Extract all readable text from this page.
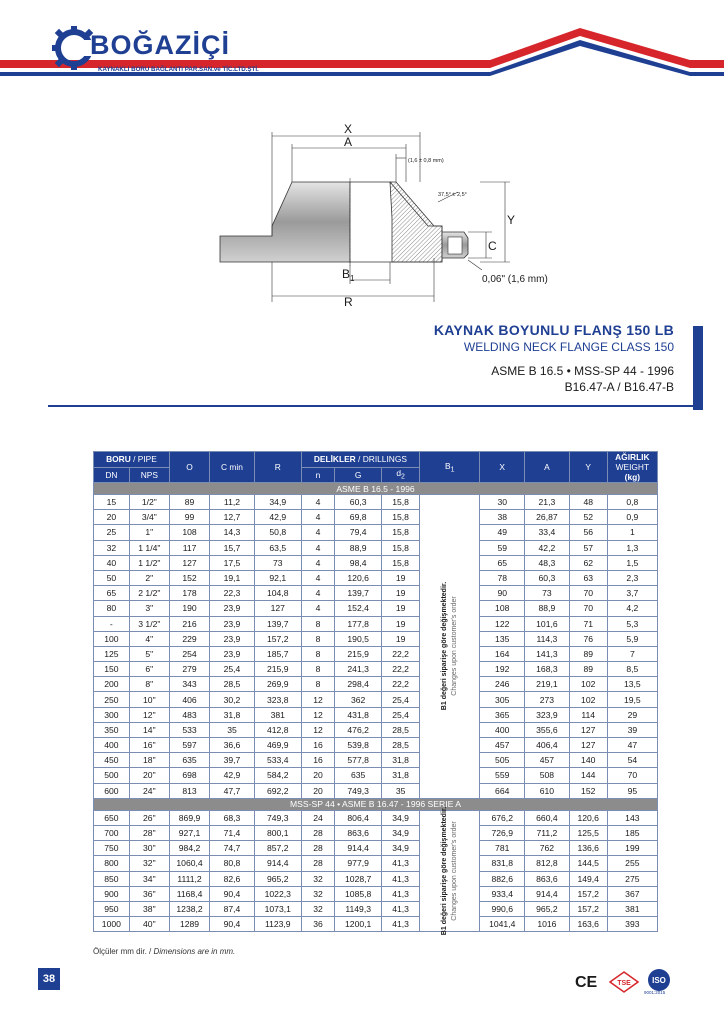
BOĞAZİÇİ
KAYNAKLI BORU BAĞLANTI PAR.SAN.ve TİC.LTD.ŞTİ.
X
A
(1,6 ± 0,8 mm)
37,5° ± 2,5°
Y
C
$B_1$
R
0,06" (1,6 mm)
KAYNAK BOYUNLU FLANŞ 150 LB
WELDING NECK FLANGE CLASS 150
ASME B 16.5 • MSS-SP 44 - 1996
B16.47-A / B16.47-B
BORU / PIPE		O	C min	R	DELİKLER / DRILLINGS			$B_1$	X	A	Y	AĞIRLIK
WEIGHT
(kg)
DN	NPS				n	G	$d_2$
ASME B 16.5 - 1996												
15	1/2"	89	11,2	34,9	4	60,3	15,8	B1 değeri siparişe göre değişmektedir. Changes upon customer's order	30	21,3	48	0,8
20	3/4"	99	12,7	42,9	4	69,8	15,8		38	26,87	52	0,9
25	1"	108	14,3	50,8	4	79,4	15,8		49	33,4	56	1
32	1 1/4"	117	15,7	63,5	4	88,9	15,8		59	42,2	57	1,3
40	1 1/2"	127	17,5	73	4	98,4	15,8		65	48,3	62	1,5
50	2"	152	19,1	92,1	4	120,6	19		78	60,3	63	2,3
65	2 1/2"	178	22,3	104,8	4	139,7	19		90	73	70	3,7
80	3"	190	23,9	127	4	152,4	19		108	88,9	70	4,2
-	3 1/2"	216	23,9	139,7	8	177,8	19		122	101,6	71	5,3
100	4"	229	23,9	157,2	8	190,5	19		135	114,3	76	5,9
125	5"	254	23,9	185,7	8	215,9	22,2		164	141,3	89	7
150	6"	279	25,4	215,9	8	241,3	22,2		192	168,3	89	8,5
200	8"	343	28,5	269,9	8	298,4	22,2		246	219,1	102	13,5
250	10"	406	30,2	323,8	12	362	25,4		305	273	102	19,5
300	12"	483	31,8	381	12	431,8	25,4		365	323,9	114	29
350	14"	533	35	412,8	12	476,2	28,5		400	355,6	127	39
400	16"	597	36,6	469,9	16	539,8	28,5		457	406,4	127	47
450	18"	635	39,7	533,4	16	577,8	31,8		505	457	140	54
500	20"	698	42,9	584,2	20	635	31,8		559	508	144	70
600	24"	813	47,7	692,2	20	749,3	35		664	610	152	95
MSS-SP 44 • ASME B 16.47 - 1996 SERIE A												
650	26"	869,9	68,3	749,3	24	806,4	34,9	B1 değeri siparişe göre değişmektedir. Changes upon customer's order	676,2	660,4	120,6	143
700	28"	927,1	71,4	800,1	28	863,6	34,9		726,9	711,2	125,5	185
750	30"	984,2	74,7	857,2	28	914,4	34,9		781	762	136,6	199
800	32"	1060,4	80,8	914,4	28	977,9	41,3		831,8	812,8	144,5	255
850	34"	1111,2	82,6	965,2	32	1028,7	41,3		882,6	863,6	149,4	275
900	36"	1168,4	90,4	1022,3	32	1085,8	41,3		933,4	914,4	157,2	367
950	38"	1238,2	87,4	1073,1	32	1149,3	41,3		990,6	965,2	157,2	381
1000	40"	1289	90,4	1123,9	36	1200,1	41,3		1041,4	1016	163,6	393
Ölçüler mm dir. / Dimensions are in mm.
38	CE	TSE	ISO
9001:2015
